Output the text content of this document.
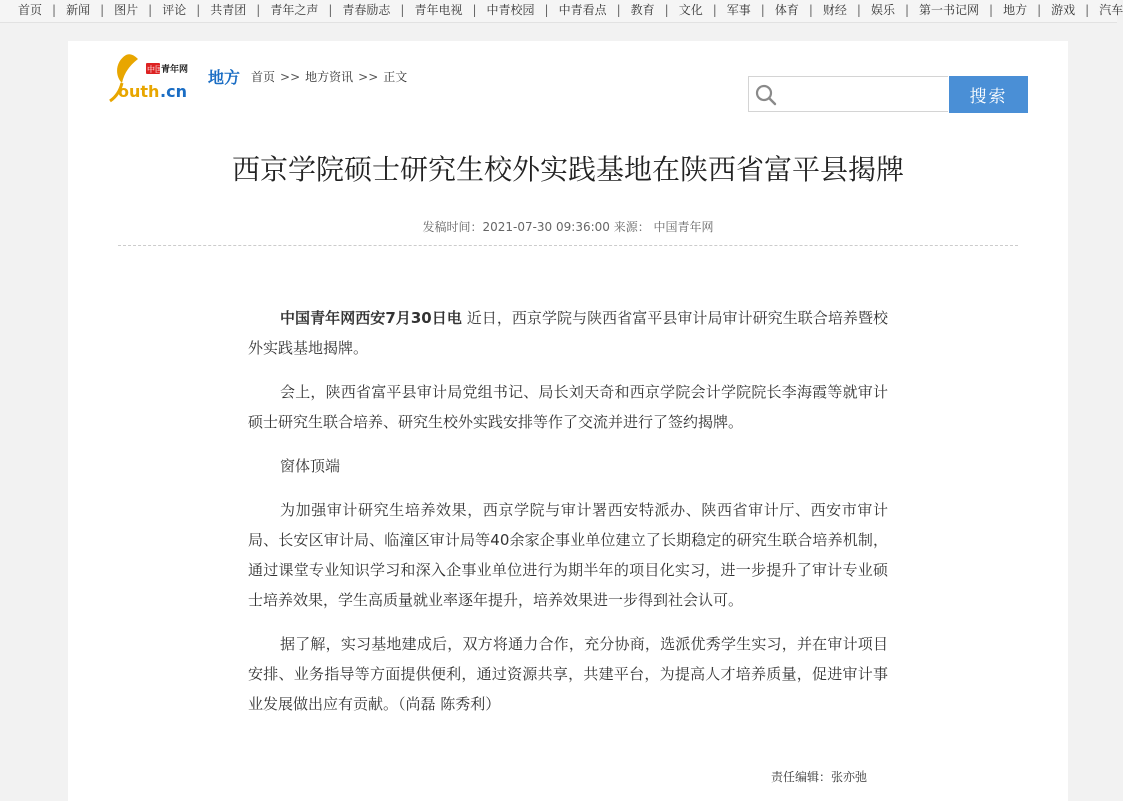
首页 | 新闻 | 图片 | 评论 | 共青团 | 青年之声 | 青春励志 | 青年电视 | 中青校园 | 中青看点 | 教育 | 文化 | 军事 | 体育 | 财经 | 娱乐 | 第一书记网 | 地方 | 游戏 | 汽车
中国
青年网
outh .cn
地方 首页 >> 地方资讯 >> 正文
搜索
西京学院硕士研究生校外实践基地在陕西省富平县揭牌
发稿时间：2021-07-30 09:36:00 来源： 中国青年网

中国青年网西安7月30日电 近日，西京学院与陕西省富平县审计局审计研究生联合培养暨校外实践基地揭牌。

会上，陕西省富平县审计局党组书记、局长刘天奇和西京学院会计学院院长李海霞等就审计硕士研究生联合培养、研究生校外实践安排等作了交流并进行了签约揭牌。

窗体顶端

为加强审计研究生培养效果，西京学院与审计署西安特派办、陕西省审计厅、西安市审计局、长安区审计局、临潼区审计局等40余家企事业单位建立了长期稳定的研究生联合培养机制，通过课堂专业知识学习和深入企事业单位进行为期半年的项目化实习，进一步提升了审计专业硕士培养效果，学生高质量就业率逐年提升，培养效果进一步得到社会认可。

据了解，实习基地建成后，双方将通力合作，充分协商，选派优秀学生实习，并在审计项目安排、业务指导等方面提供便利，通过资源共享，共建平台，为提高人才培养质量，促进审计事业发展做出应有贡献。（尚磊 陈秀利）

责任编辑：张亦弛
